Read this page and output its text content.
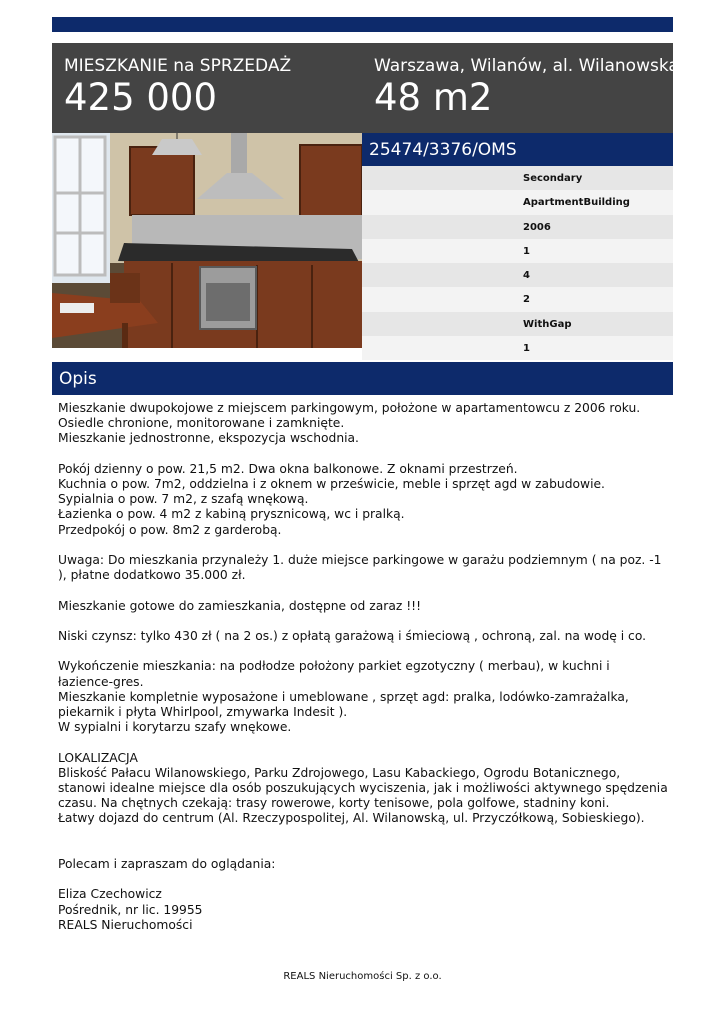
MIESZKANIE na SPRZEDAŻ
425 000
Warszawa, Wilanów, al. Wilanowska
48 m2
25474/3376/OMS
Secondary
ApartmentBuilding
2006
1
4
2
WithGap
1
Opis
Mieszkanie dwupokojowe z miejscem parkingowym, położone w apartamentowcu z 2006 roku.
Osiedle chronione, monitorowane i zamknięte.
Mieszkanie jednostronne, ekspozycja wschodnia.
Pokój dzienny o pow. 21,5 m2. Dwa okna balkonowe. Z oknami przestrzeń.
Kuchnia o pow. 7m2, oddzielna i z oknem w prześwicie, meble i sprzęt agd w zabudowie.
Sypialnia o pow. 7 m2, z szafą wnękową.
Łazienka o pow. 4 m2 z kabiną prysznicową, wc i pralką.
Przedpokój o pow. 8m2 z garderobą.
Uwaga: Do mieszkania przynależy 1. duże miejsce parkingowe w garażu podziemnym ( na poz. -1
), płatne dodatkowo 35.000 zł.
Mieszkanie gotowe do zamieszkania, dostępne od zaraz !!!
Niski czynsz: tylko 430 zł ( na 2 os.) z opłatą garażową i śmieciową , ochroną, zal. na wodę i co.
Wykończenie mieszkania: na podłodze położony parkiet egzotyczny ( merbau), w kuchni i
łazience-gres.
Mieszkanie kompletnie wyposażone i umeblowane , sprzęt agd: pralka, lodówko-zamrażalka,
piekarnik i płyta Whirlpool, zmywarka Indesit ).
W sypialni i korytarzu szafy wnękowe.
LOKALIZACJA
Bliskość Pałacu Wilanowskiego, Parku Zdrojowego, Lasu Kabackiego, Ogrodu Botanicznego,
stanowi idealne miejsce dla osób poszukujących wyciszenia, jak i możliwości aktywnego spędzenia
czasu. Na chętnych czekają: trasy rowerowe, korty tenisowe, pola golfowe, stadniny koni.
Łatwy dojazd do centrum (Al. Rzeczypospolitej, Al. Wilanowską, ul. Przyczółkową, Sobieskiego).
Polecam i zapraszam do oglądania:
Eliza Czechowicz
Pośrednik, nr lic. 19955
REALS Nieruchomości
REALS Nieruchomości Sp. z o.o.
